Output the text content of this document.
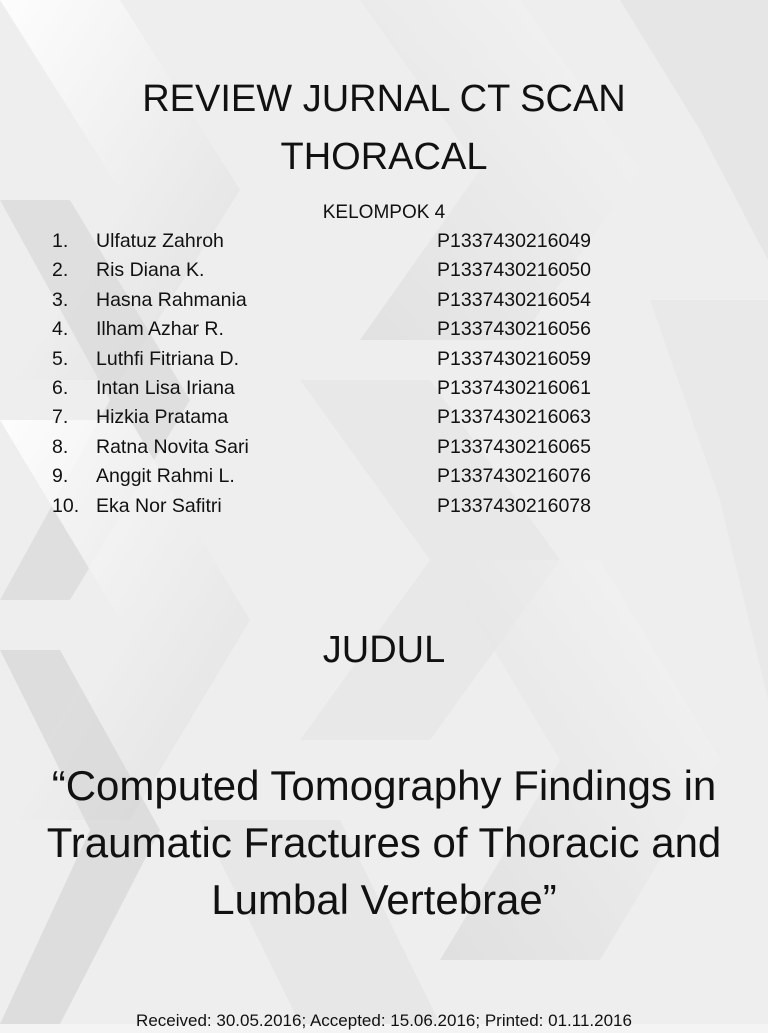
REVIEW JURNAL CT SCAN THORACAL
KELOMPOK 4
1. Ulfatuz Zahroh	P1337430216049
2. Ris Diana K.	P1337430216050
3. Hasna Rahmania	P1337430216054
4. Ilham Azhar R.	P1337430216056
5. Luthfi Fitriana D.	P1337430216059
6. Intan Lisa Iriana	P1337430216061
7. Hizkia Pratama	P1337430216063
8. Ratna Novita Sari	P1337430216065
9. Anggit Rahmi L.	P1337430216076
10. Eka Nor Safitri	P1337430216078
JUDUL

“Computed Tomography Findings in Traumatic Fractures of Thoracic and Lumbal Vertebrae”

Received: 30.05.2016; Accepted: 15.06.2016; Printed: 01.11.2016
